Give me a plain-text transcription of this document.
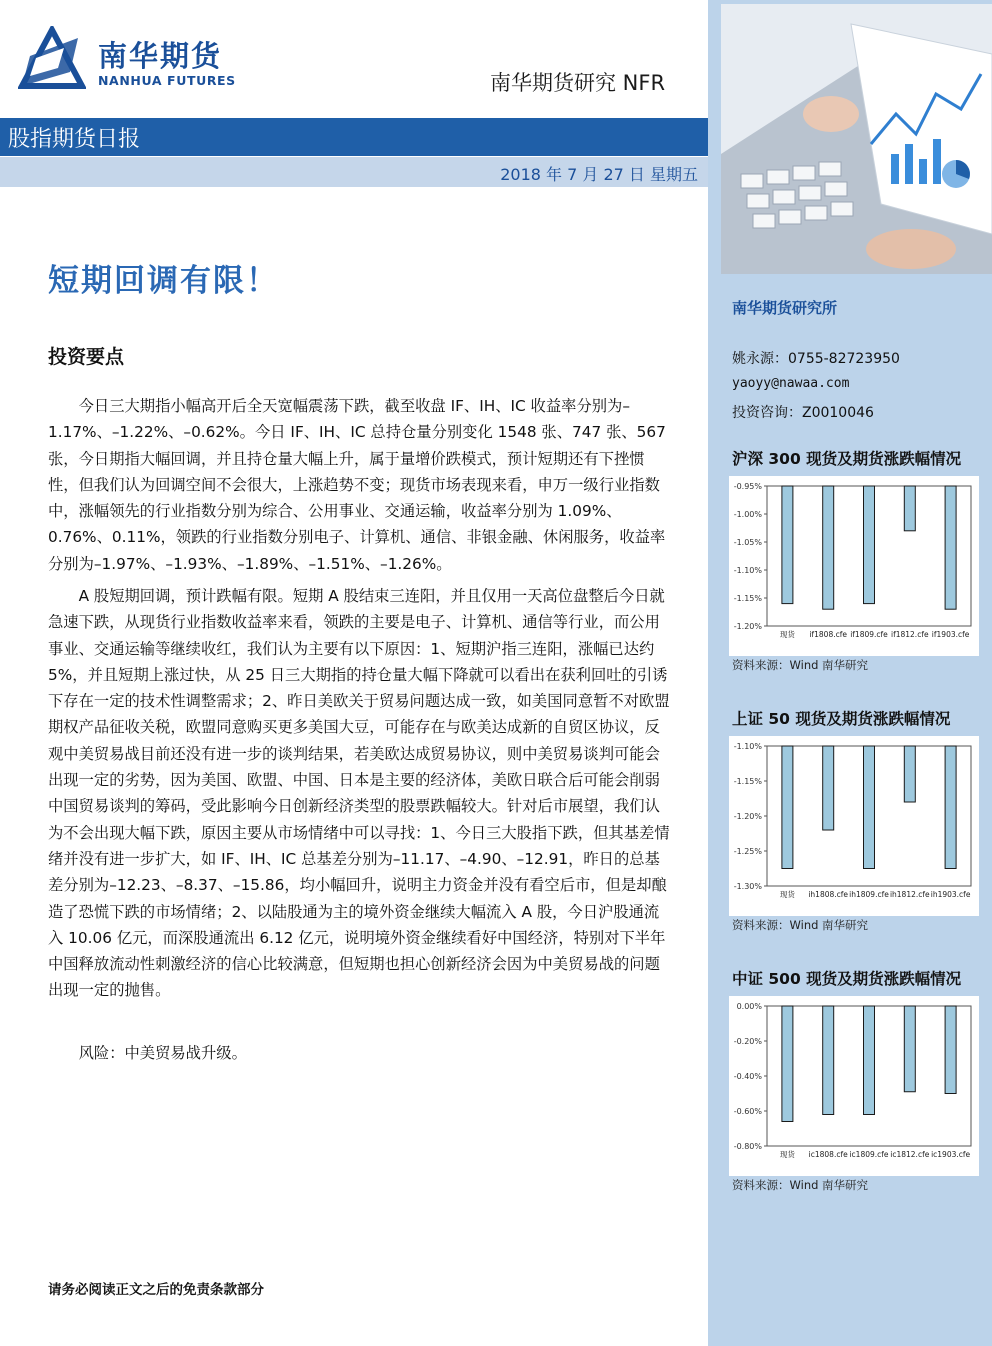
南华期货
NANHUA FUTURES	南华期货研究 NFR
股指期货日报
2018 年 7 月 27 日 星期五
短期回调有限！
投资要点

今日三大期指小幅高开后全天宽幅震荡下跌，截至收盘 IF、IH、IC 收益率分别为–1.17%、–1.22%、–0.62%。今日 IF、IH、IC 总持仓量分别变化 1548 张、747 张、567 张，今日期指大幅回调，并且持仓量大幅上升，属于量增价跌模式，预计短期还有下挫惯性，但我们认为回调空间不会很大，上涨趋势不变；现货市场表现来看，申万一级行业指数中，涨幅领先的行业指数分别为综合、公用事业、交通运输，收益率分别为 1.09%、0.76%、0.11%，领跌的行业指数分别电子、计算机、通信、非银金融、休闲服务，收益率分别为–1.97%、–1.93%、–1.89%、–1.51%、–1.26%。

A 股短期回调，预计跌幅有限。短期 A 股结束三连阳，并且仅用一天高位盘整后今日就急速下跌，从现货行业指数收益率来看，领跌的主要是电子、计算机、通信等行业，而公用事业、交通运输等继续收红，我们认为主要有以下原因：1、短期沪指三连阳，涨幅已达约 5%，并且短期上涨过快，从 25 日三大期指的持仓量大幅下降就可以看出在获利回吐的引诱下存在一定的技术性调整需求；2、昨日美欧关于贸易问题达成一致，如美国同意暂不对欧盟期权产品征收关税，欧盟同意购买更多美国大豆，可能存在与欧美达成新的自贸区协议，反观中美贸易战目前还没有进一步的谈判结果，若美欧达成贸易协议，则中美贸易谈判可能会出现一定的劣势，因为美国、欧盟、中国、日本是主要的经济体，美欧日联合后可能会削弱中国贸易谈判的筹码，受此影响今日创新经济类型的股票跌幅较大。针对后市展望，我们认为不会出现大幅下跌，原因主要从市场情绪中可以寻找：1、今日三大股指下跌，但其基差情绪并没有进一步扩大，如 IF、IH、IC 总基差分别为–11.17、–4.90、–12.91，昨日的总基差分别为–12.23、–8.37、–15.86，均小幅回升，说明主力资金并没有看空后市，但是却酿造了恐慌下跌的市场情绪；2、以陆股通为主的境外资金继续大幅流入 A 股，今日沪股通流入 10.06 亿元，而深股通流出 6.12 亿元，说明境外资金继续看好中国经济，特别对下半年中国释放流动性刺激经济的信心比较满意，但短期也担心创新经济会因为中美贸易战的问题出现一定的抛售。

风险：中美贸易战升级。

请务必阅读正文之后的免责条款部分
南华期货研究所
姚永源：0755-82723950
yaoyy@nawaa.com
投资咨询：Z0010046
沪深 300 现货及期货涨跌幅情况
-0.95%
-1.00%
-1.05%
-1.10%
-1.15%
-1.20%
现货 if1808.cfe if1809.cfe if1812.cfe if1903.cfe
资料来源：Wind 南华研究
上证 50 现货及期货涨跌幅情况
-1.10%
-1.15%
-1.20%
-1.25%
-1.30%
现货 ih1808.cfe ih1809.cfe ih1812.cfe ih1903.cfe
资料来源：Wind 南华研究
中证 500 现货及期货涨跌幅情况
0.00%
-0.20%
-0.40%
-0.60%
-0.80%
现货 ic1808.cfe ic1809.cfe ic1812.cfe ic1903.cfe
资料来源：Wind 南华研究
